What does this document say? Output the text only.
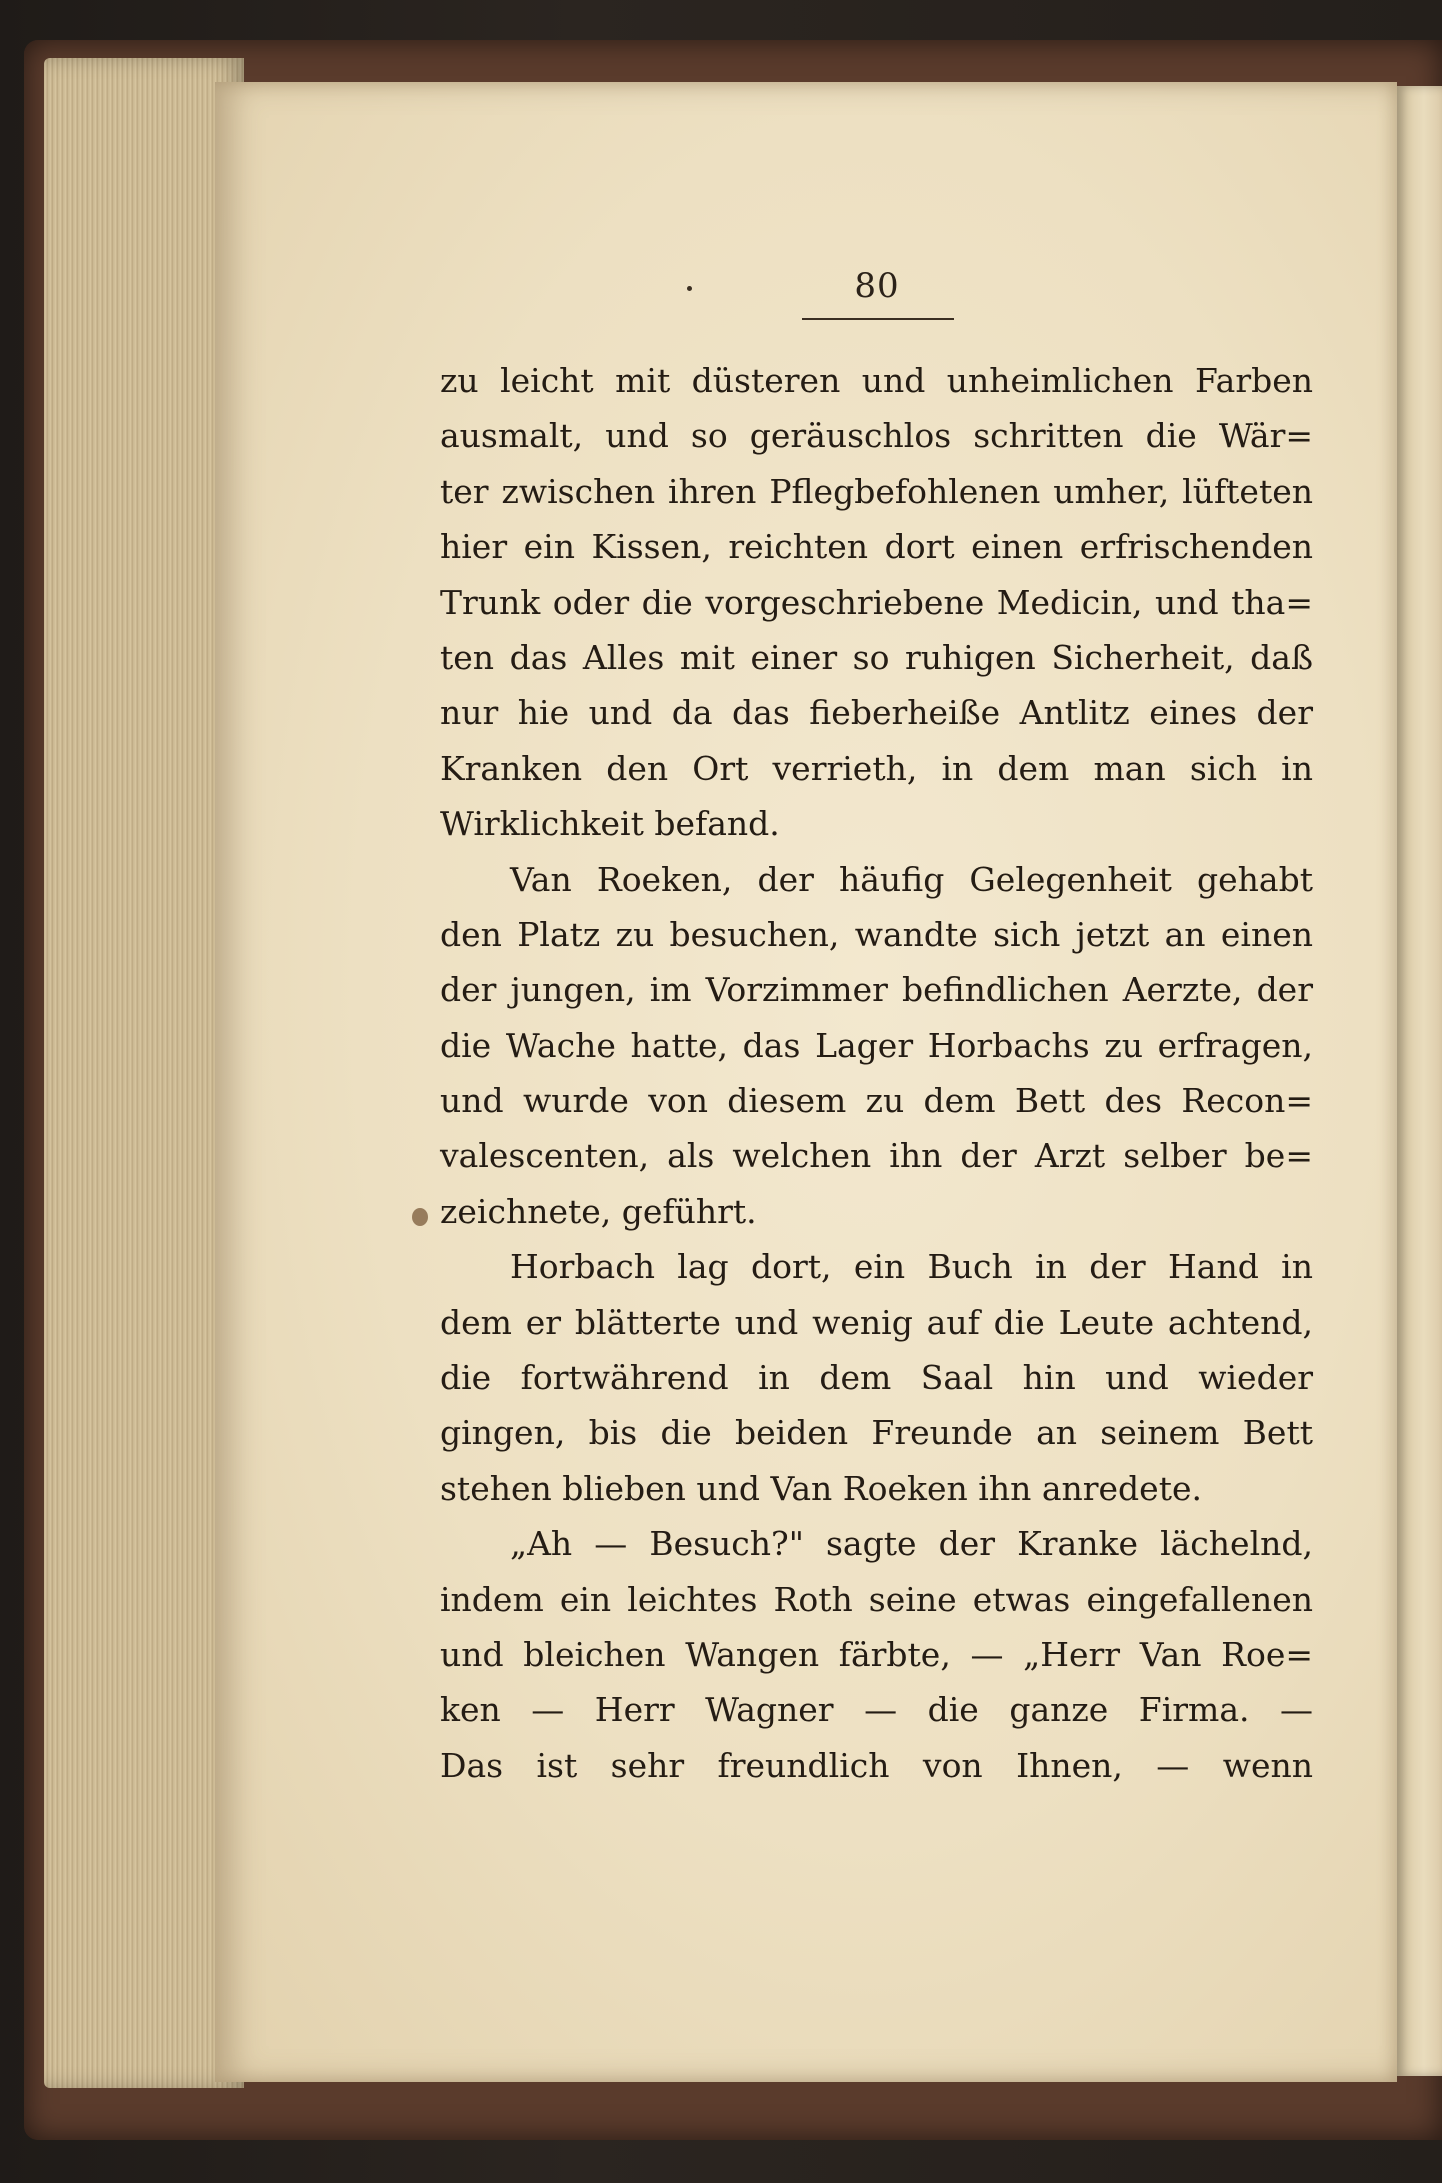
80
zu leicht mit düsteren und unheimlichen Farben
ausmalt, und so geräuschlos schritten die Wär=
ter zwischen ihren Pflegbefohlenen umher, lüfteten
hier ein Kissen, reichten dort einen erfrischenden
Trunk oder die vorgeschriebene Medicin, und tha=
ten das Alles mit einer so ruhigen Sicherheit, daß
nur hie und da das fieberheiße Antlitz eines der
Kranken den Ort verrieth, in dem man sich in
Wirklichkeit befand.
Van Roeken, der häufig Gelegenheit gehabt
den Platz zu besuchen, wandte sich jetzt an einen
der jungen, im Vorzimmer befindlichen Aerzte, der
die Wache hatte, das Lager Horbachs zu erfragen,
und wurde von diesem zu dem Bett des Recon=
valescenten, als welchen ihn der Arzt selber be=
zeichnete, geführt.
Horbach lag dort, ein Buch in der Hand in
dem er blätterte und wenig auf die Leute achtend,
die fortwährend in dem Saal hin und wieder
gingen, bis die beiden Freunde an seinem Bett
stehen blieben und Van Roeken ihn anredete.
„Ah — Besuch?" sagte der Kranke lächelnd,
indem ein leichtes Roth seine etwas eingefallenen
und bleichen Wangen färbte, — „Herr Van Roe=
ken — Herr Wagner — die ganze Firma. —
Das ist sehr freundlich von Ihnen, — wenn
